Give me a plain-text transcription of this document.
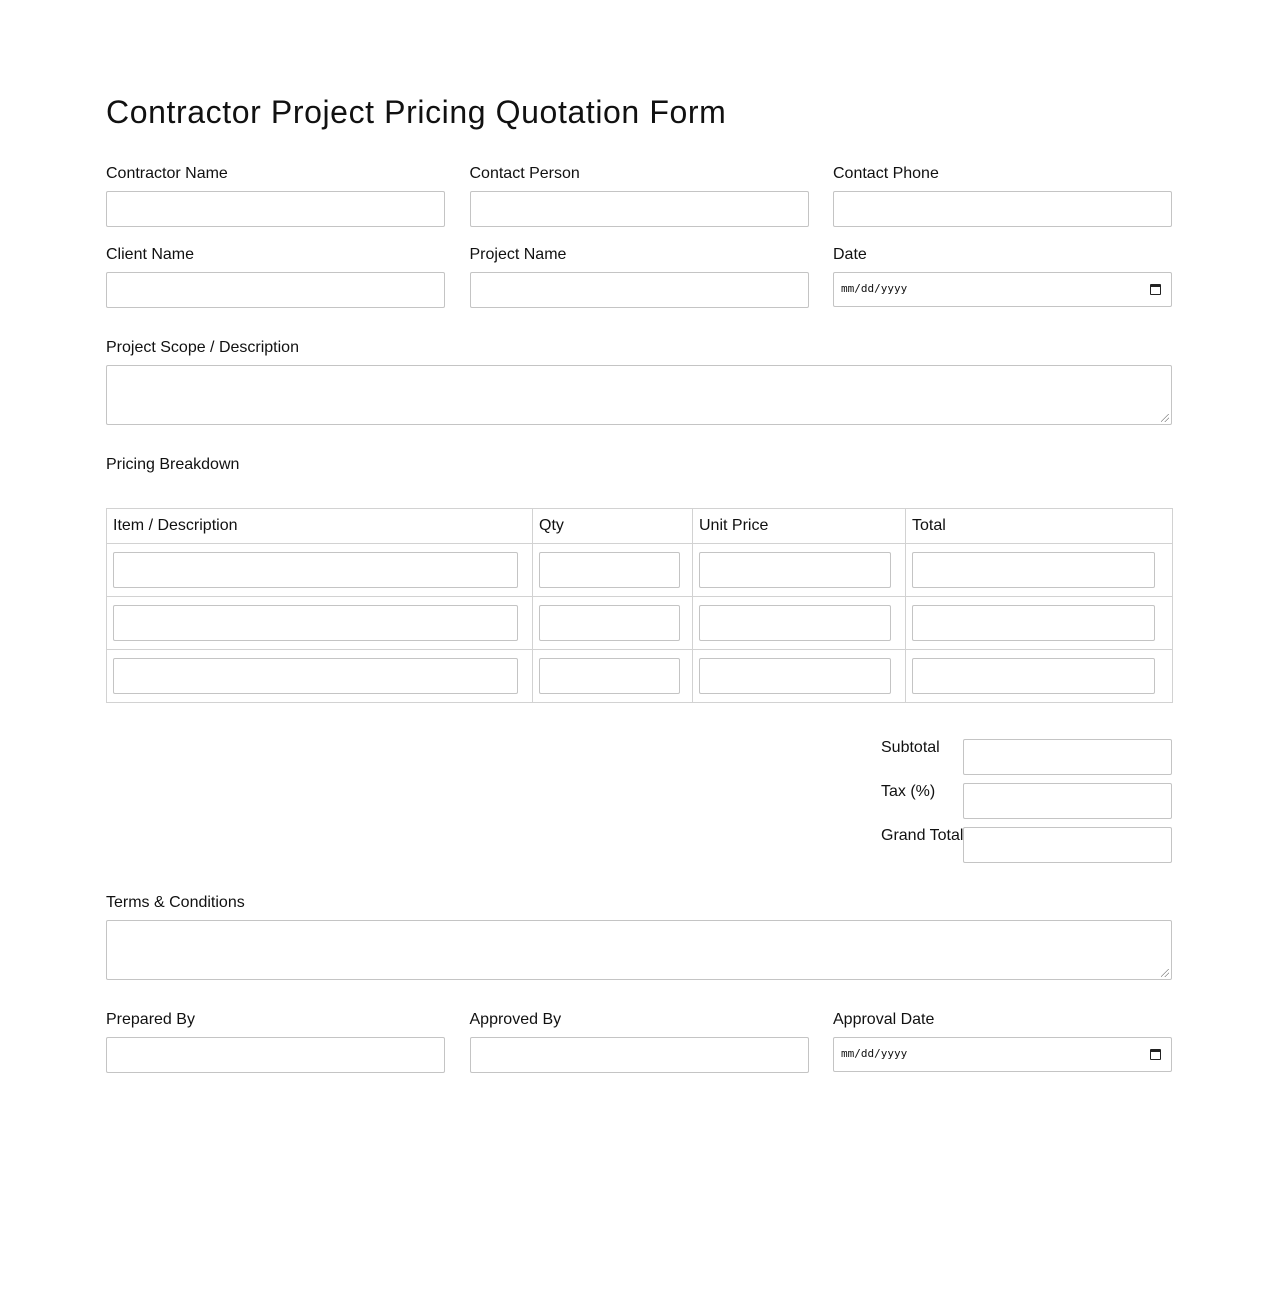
Contractor Project Pricing Quotation Form
Contractor Name	Contact Person	Contact Phone
Client Name	Project Name	Date
mm/dd/yyyy
Project Scope / Description
Pricing Breakdown
Item / Description	Qty	Unit Price	Total

Subtotal
Tax (%)
Grand Total
Terms & Conditions
Prepared By	Approved By	Approval Date
mm/dd/yyyy
